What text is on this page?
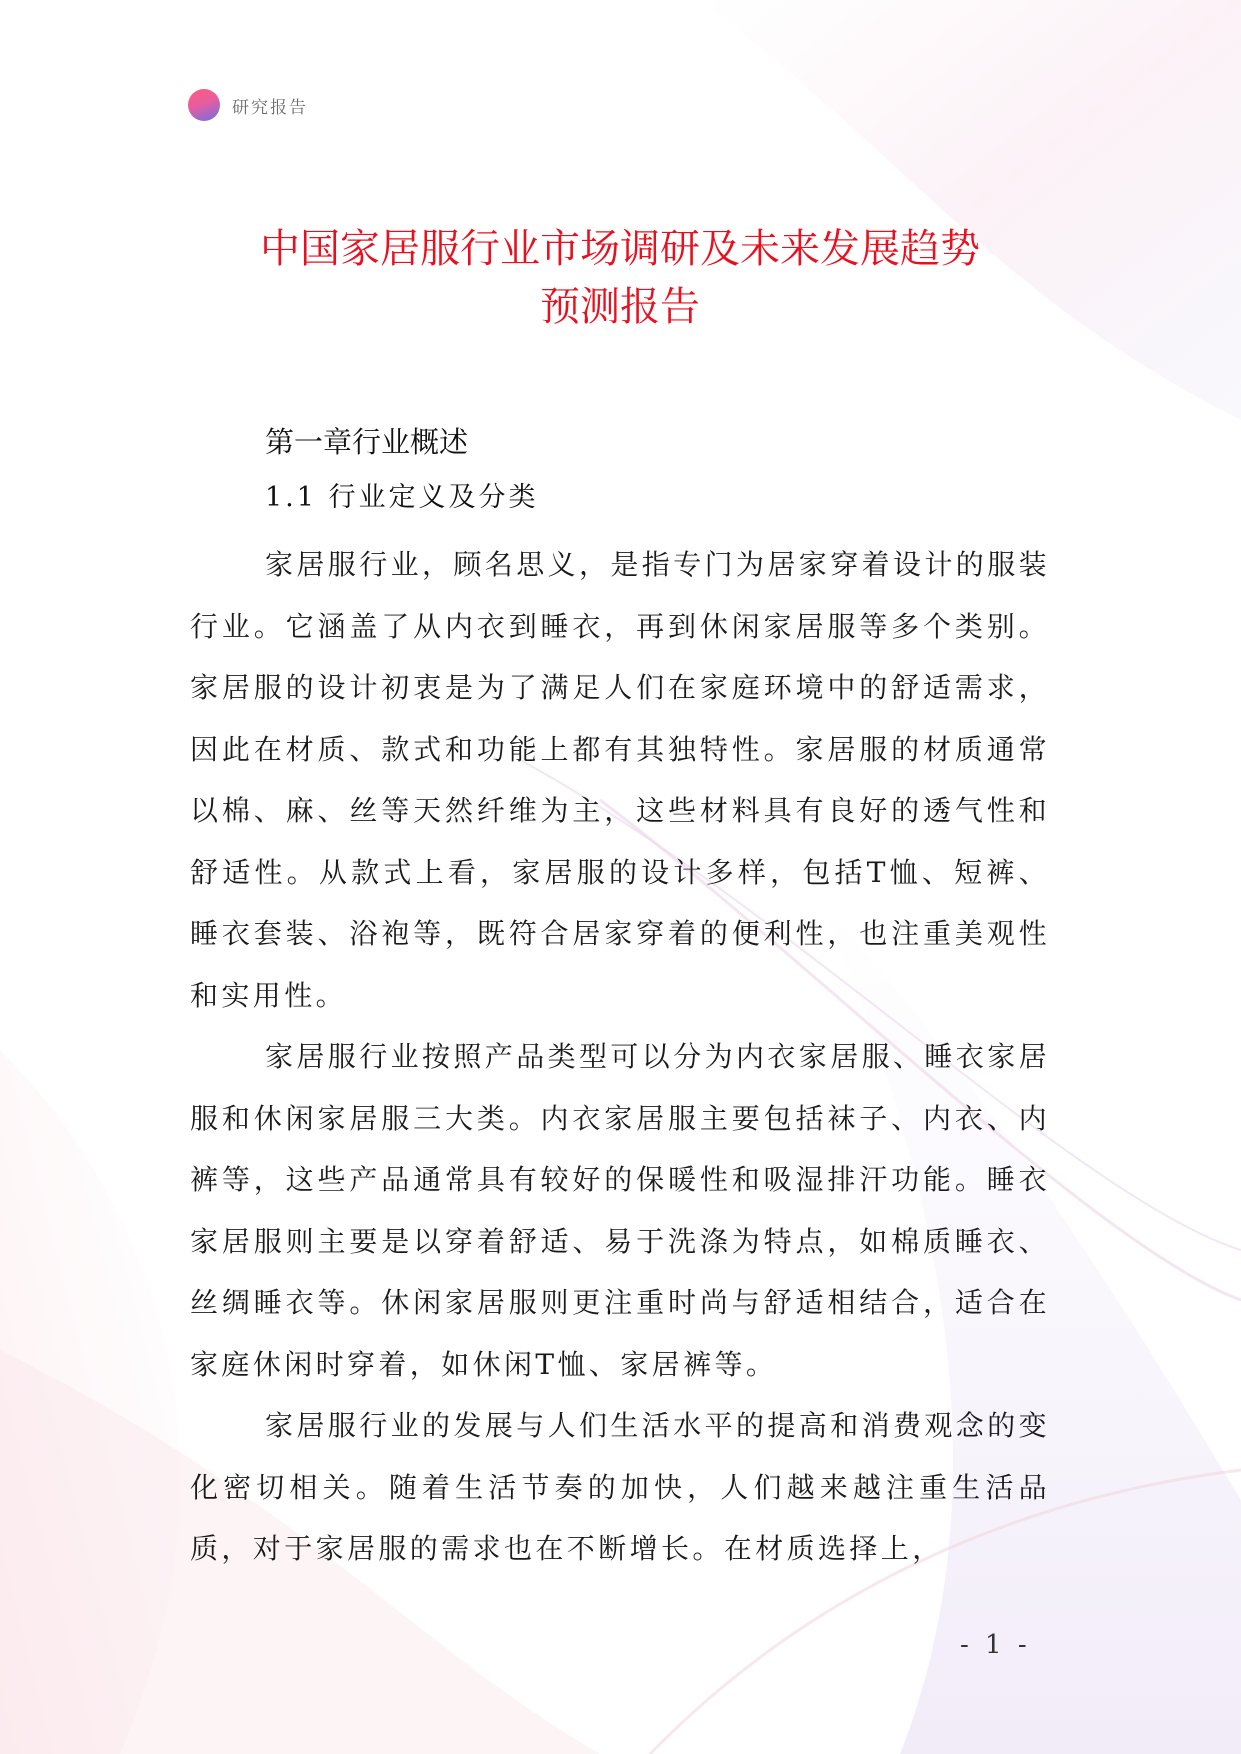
研究报告
中国家居服行业市场调研及未来发展趋势
预测报告
第一章行业概述
1.1 行业定义及分类

家居服行业，顾名思义，是指专门为居家穿着设计的服装行业。它涵盖了从内衣到睡衣，再到休闲家居服等多个类别。家居服的设计初衷是为了满足人们在家庭环境中的舒适需求，因此在材质、款式和功能上都有其独特性。家居服的材质通常以棉、麻、丝等天然纤维为主，这些材料具有良好的透气性和舒适性。从款式上看，家居服的设计多样，包括T恤、短裤、睡衣套装、浴袍等，既符合居家穿着的便利性，也注重美观性和实用性。

家居服行业按照产品类型可以分为内衣家居服、睡衣家居服和休闲家居服三大类。内衣家居服主要包括袜子、内衣、内裤等，这些产品通常具有较好的保暖性和吸湿排汗功能。睡衣家居服则主要是以穿着舒适、易于洗涤为特点，如棉质睡衣、丝绸睡衣等。休闲家居服则更注重时尚与舒适相结合，适合在家庭休闲时穿着，如休闲T恤、家居裤等。

家居服行业的发展与人们生活水平的提高和消费观念的变化密切相关。随着生活节奏的加快，人们越来越注重生活品质，对于家居服的需求也在不断增长。在材质选择上，

- 1 -
